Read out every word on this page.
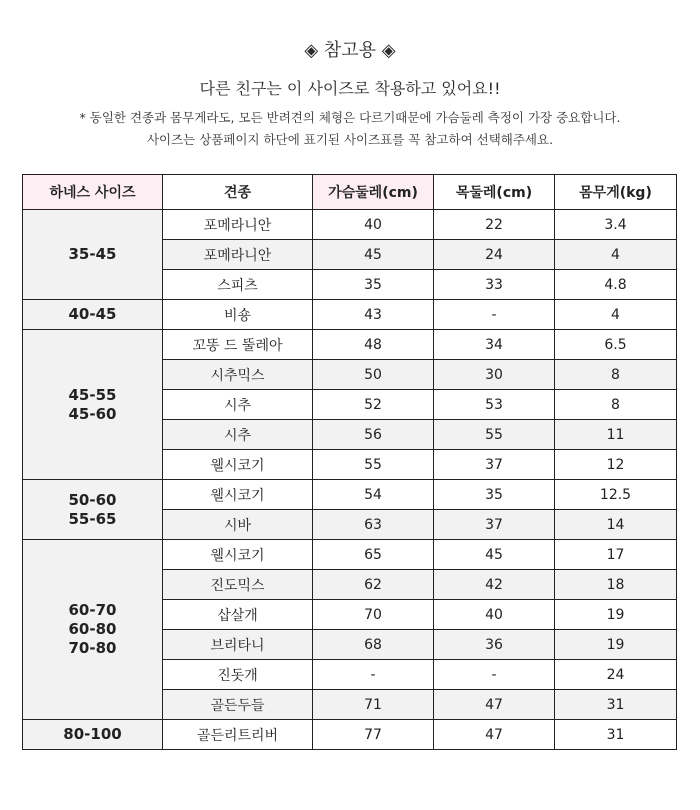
◈ 참고용 ◈
다른 친구는 이 사이즈로 착용하고 있어요!!
* 동일한 견종과 몸무게라도, 모든 반려견의 체형은 다르기때문에 가슴둘레 측정이 가장 중요합니다.
사이즈는 상품페이지 하단에 표기된 사이즈표를 꼭 참고하여 선택해주세요.
하네스 사이즈	견종	가슴둘레(cm)	목둘레(cm)	몸무게(kg)

35-45	포메라니안	40	22	3.4
	포메라니안	45	24	4
	스피츠	35	33	4.8

40-45	비숑	43	-	4

45-55
45-60	꼬똥 드 뚤레아	48	34	6.5
	시추믹스	50	30	8
	시추	52	53	8
	시추	56	55	11
	웰시코기	55	37	12

50-60
55-65	웰시코기	54	35	12.5
	시바	63	37	14

60-70
60-80
70-80	웰시코기	65	45	17
	진도믹스	62	42	18
	삽살개	70	40	19
	브리타니	68	36	19
	진돗개	-	-	24
	골든두들	71	47	31

80-100	골든리트리버	77	47	31
